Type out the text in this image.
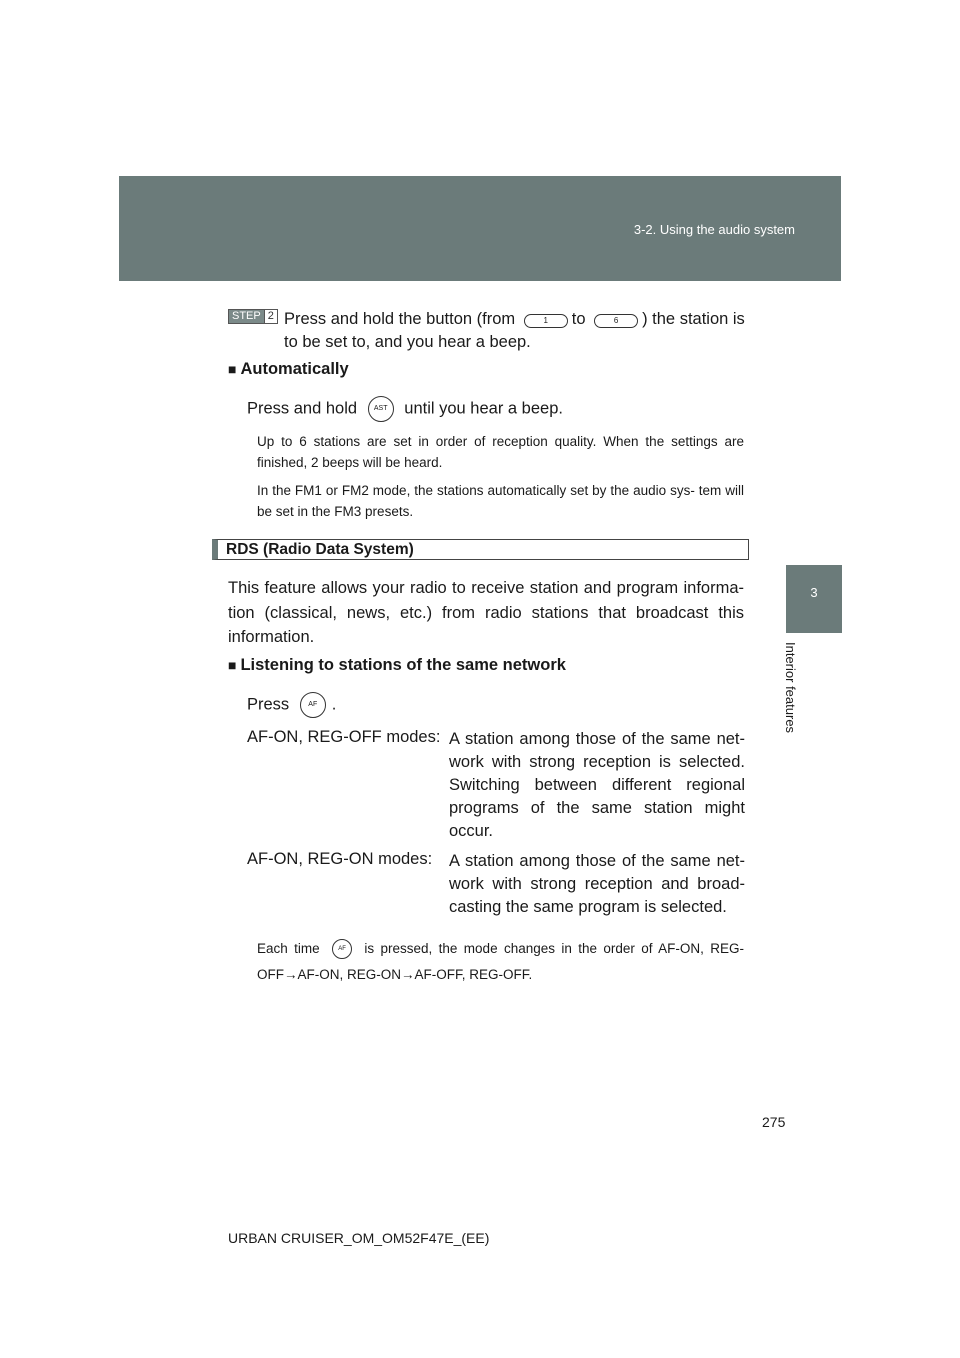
3-2. Using the audio system
3
Interior features
STEP 2 Press and hold the button (from	1 to	6 ) the station is
to be set to, and you hear a beep.
■ Automatically
Press and hold AST until you hear a beep.
Up to 6 stations are set in order of reception quality. When the settings are finished, 2 beeps will be heard.
In the FM1 or FM2 mode, the stations automatically set by the audio sys- tem will be set in the FM3 presets.
RDS (Radio Data System)
This feature allows your radio to receive station and program informa- tion (classical, news, etc.) from radio stations that broadcast this information.
■ Listening to stations of the same network
Press	AF .
AF-ON, REG-OFF modes: A station among those of the same net- work with strong reception is selected. Switching between different regional programs of the same station might occur.
AF-ON, REG-ON modes: A station among those of the same net- work with strong reception and broad- casting the same program is selected.
Each time	AF is pressed, the mode changes in the order of AF-ON, REG-OFF→AF-ON, REG-ON→AF-OFF, REG-OFF.
275
URBAN CRUISER_OM_OM52F47E_(EE)
